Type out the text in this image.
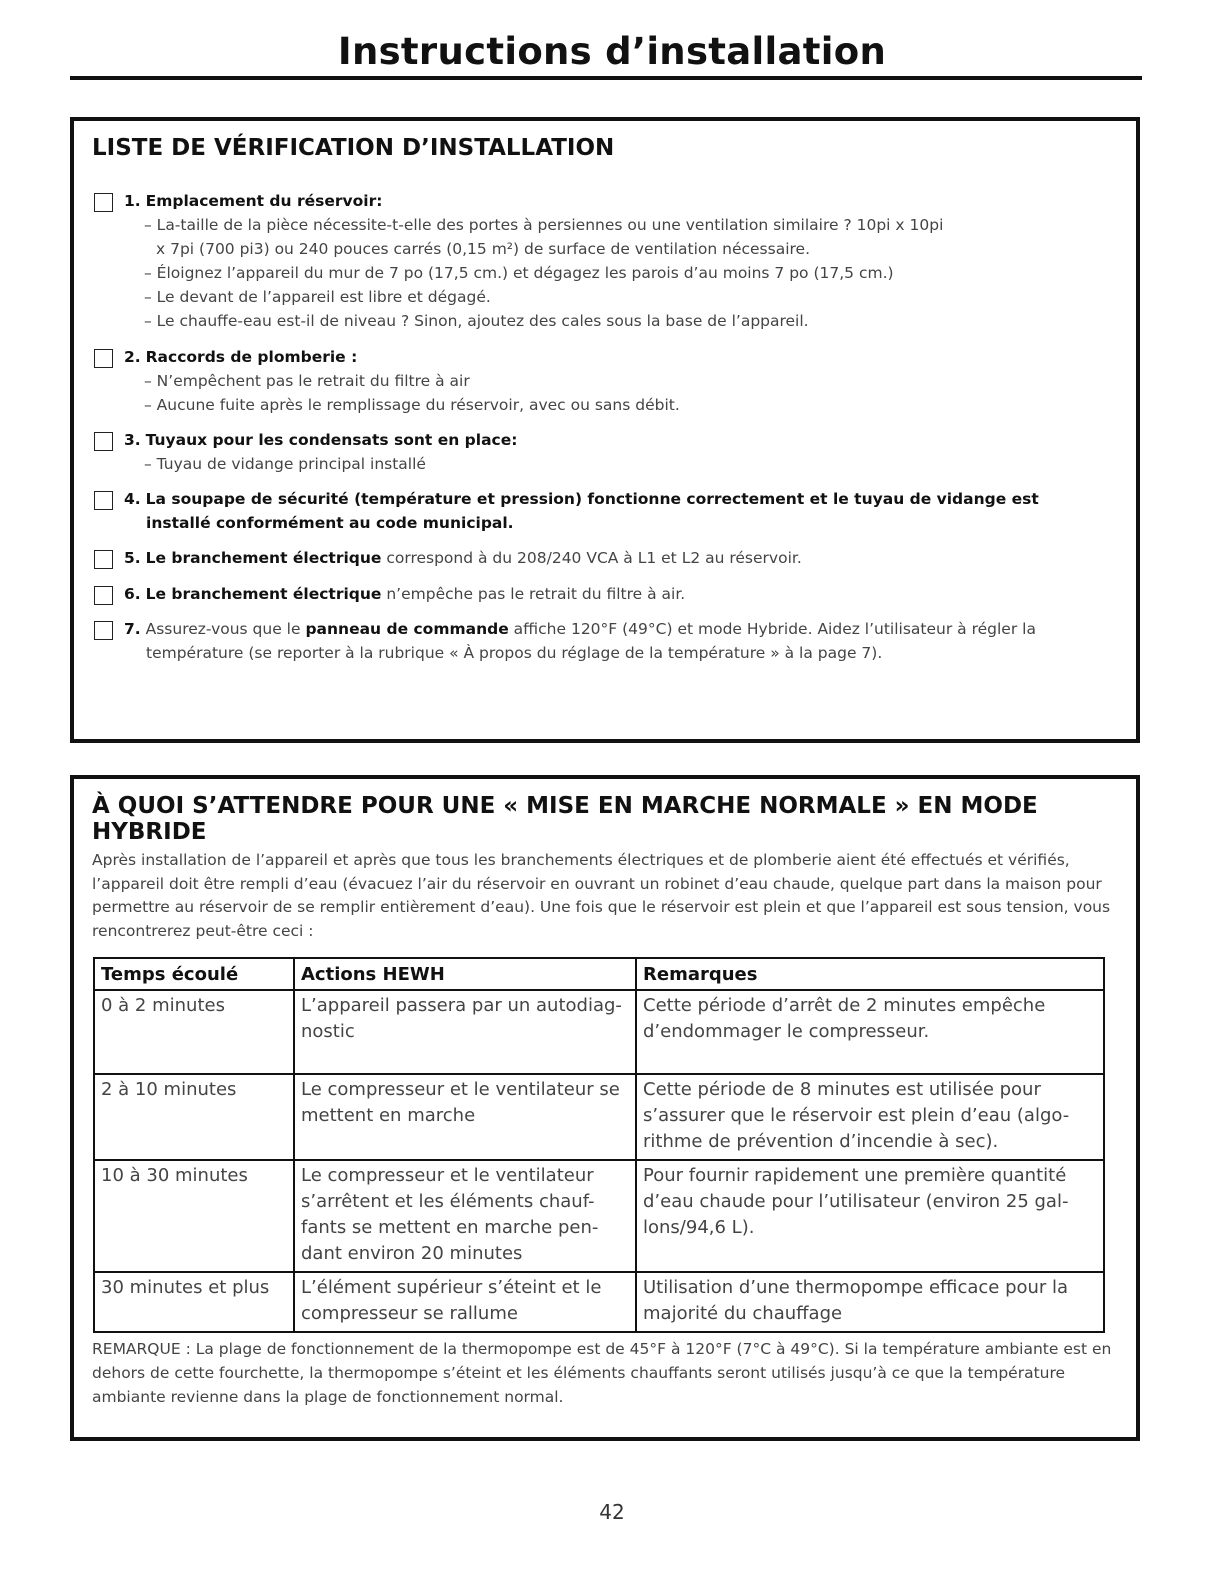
Instructions d’installation
LISTE DE VÉRIFICATION D’INSTALLATION
1. Emplacement du réservoir:
– La-taille de la pièce nécessite-t-elle des portes à persiennes ou une ventilation similaire ? 10pi x 10pi x 7pi (700 pi3) ou 240 pouces carrés (0,15 m²) de surface de ventilation nécessaire.
– Éloignez l’appareil du mur de 7 po (17,5 cm.) et dégagez les parois d’au moins 7 po (17,5 cm.)
– Le devant de l’appareil est libre et dégagé.
– Le chauffe-eau est-il de niveau ? Sinon, ajoutez des cales sous la base de l’appareil.
2. Raccords de plomberie :
– N’empêchent pas le retrait du filtre à air
– Aucune fuite après le remplissage du réservoir, avec ou sans débit.
3. Tuyaux pour les condensats sont en place:
– Tuyau de vidange principal installé
4. La soupape de sécurité (température et pression) fonctionne correctement et le tuyau de vidange est installé conformément au code municipal.
5. Le branchement électrique correspond à du 208/240 VCA à L1 et L2 au réservoir.
6. Le branchement électrique n’empêche pas le retrait du filtre à air.
7. Assurez-vous que le panneau de commande affiche 120°F (49°C) et mode Hybride. Aidez l’utilisateur à régler la température (se reporter à la rubrique « À propos du réglage de la température » à la page 7).
À QUOI S’ATTENDRE POUR UNE « MISE EN MARCHE NORMALE » EN MODE HYBRIDE
Après installation de l’appareil et après que tous les branchements électriques et de plomberie aient été effectués et vérifiés, l’appareil doit être rempli d’eau (évacuez l’air du réservoir en ouvrant un robinet d’eau chaude, quelque part dans la maison pour permettre au réservoir de se remplir entièrement d’eau). Une fois que le réservoir est plein et que l’appareil est sous tension, vous rencontrerez peut-être ceci :
Temps écoulé	Actions HEWH	Remarques
0 à 2 minutes	L’appareil passera par un autodiag-nostic	Cette période d’arrêt de 2 minutes empêche d’endommager le compresseur.
2 à 10 minutes	Le compresseur et le ventilateur se mettent en marche	Cette période de 8 minutes est utilisée pour s’assurer que le réservoir est plein d’eau (algo-rithme de prévention d’incendie à sec).
10 à 30 minutes	Le compresseur et le ventilateur s’arrêtent et les éléments chauf-fants se mettent en marche pen-dant environ 20 minutes	Pour fournir rapidement une première quantité d’eau chaude pour l’utilisateur (environ 25 gal-lons/94,6 L).
30 minutes et plus	L’élément supérieur s’éteint et le compresseur se rallume	Utilisation d’une thermopompe efficace pour la majorité du chauffage
REMARQUE : La plage de fonctionnement de la thermopompe est de 45°F à 120°F (7°C à 49°C). Si la température ambiante est en dehors de cette fourchette, la thermopompe s’éteint et les éléments chauffants seront utilisés jusqu’à ce que la température ambiante revienne dans la plage de fonctionnement normal.
42
